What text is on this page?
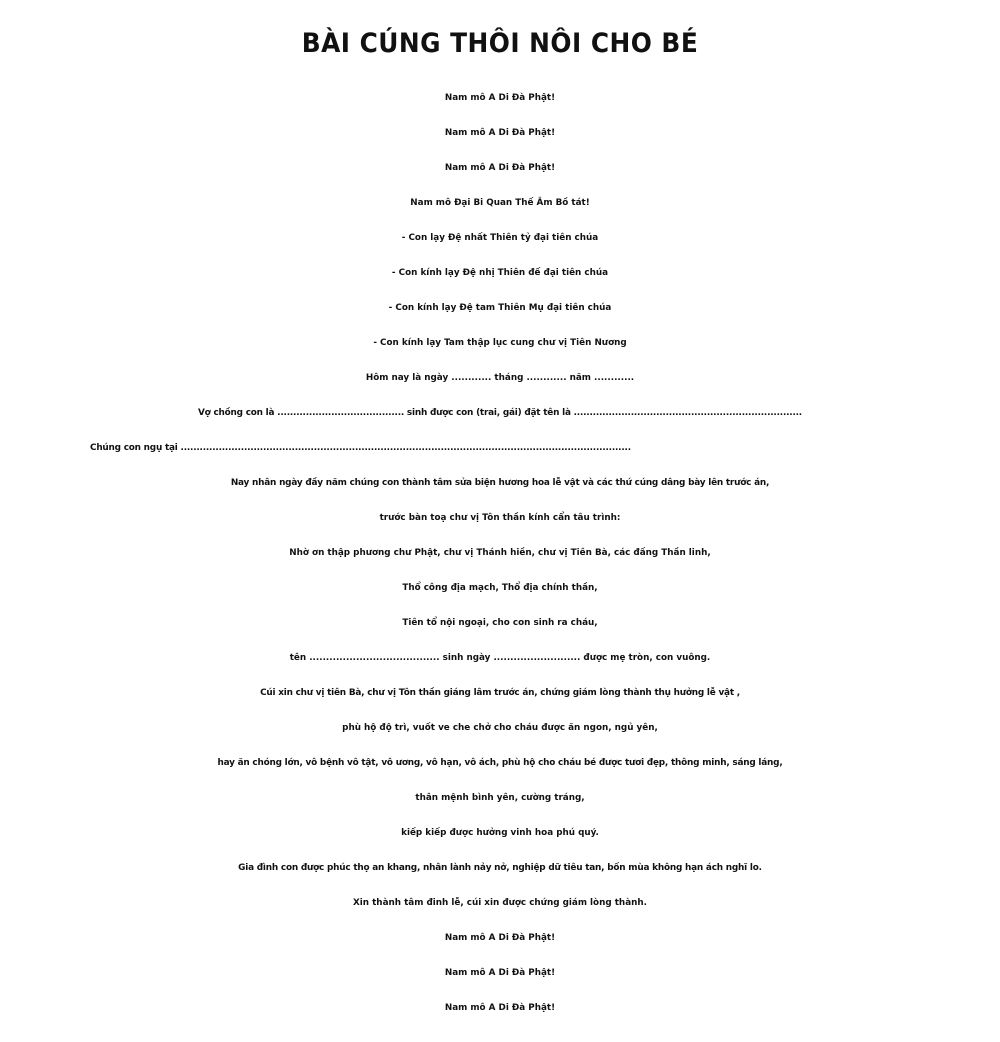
BÀI CÚNG THÔI NÔI CHO BÉ
Nam mô A Di Đà Phật!
Nam mô A Di Đà Phật!
Nam mô A Di Đà Phật!
Nam mô Đại Bi Quan Thế Âm Bồ tát!
- Con lạy Đệ nhất Thiên tỷ đại tiên chúa
- Con kính lạy Đệ nhị Thiên đế đại tiên chúa
- Con kính lạy Đệ tam Thiên Mụ đại tiên chúa
- Con kính lạy Tam thập lục cung chư vị Tiên Nương
Hôm nay là ngày ............ tháng ............ năm ............
Vợ chồng con là ........................................ sinh được con (trai, gái) đặt tên là ........................................................................
Chúng con ngụ tại ..............................................................................................................................................
Nay nhân ngày đầy năm chúng con thành tâm sửa biện hương hoa lễ vật và các thứ cúng dâng bày lên trước án,
trước bàn toạ chư vị Tôn thần kính cẩn tâu trình:
Nhờ ơn thập phương chư Phật, chư vị Thánh hiền, chư vị Tiên Bà, các đấng Thần linh,
Thổ công địa mạch, Thổ địa chính thần,
Tiên tổ nội ngoại, cho con sinh ra cháu,
tên ....................................... sinh ngày .......................... được mẹ tròn, con vuông.
Cúi xin chư vị tiên Bà, chư vị Tôn thần giáng lâm trước án, chứng giám lòng thành thụ hưởng lễ vật ,
phù hộ độ trì, vuốt ve che chở cho cháu được ăn ngon, ngủ yên,
hay ăn chóng lớn, vô bệnh vô tật, vô ương, vô hạn, vô ách, phù hộ cho cháu bé được tươi đẹp, thông minh, sáng láng,
thân mệnh bình yên, cường tráng,
kiếp kiếp được hưởng vinh hoa phú quý.
Gia đình con được phúc thọ an khang, nhân lành nảy nở, nghiệp dữ tiêu tan, bốn mùa không hạn ách nghĩ lo.
Xin thành tâm đinh lễ, cúi xin được chứng giám lòng thành.
Nam mô A Di Đà Phật!
Nam mô A Di Đà Phật!
Nam mô A Di Đà Phật!
